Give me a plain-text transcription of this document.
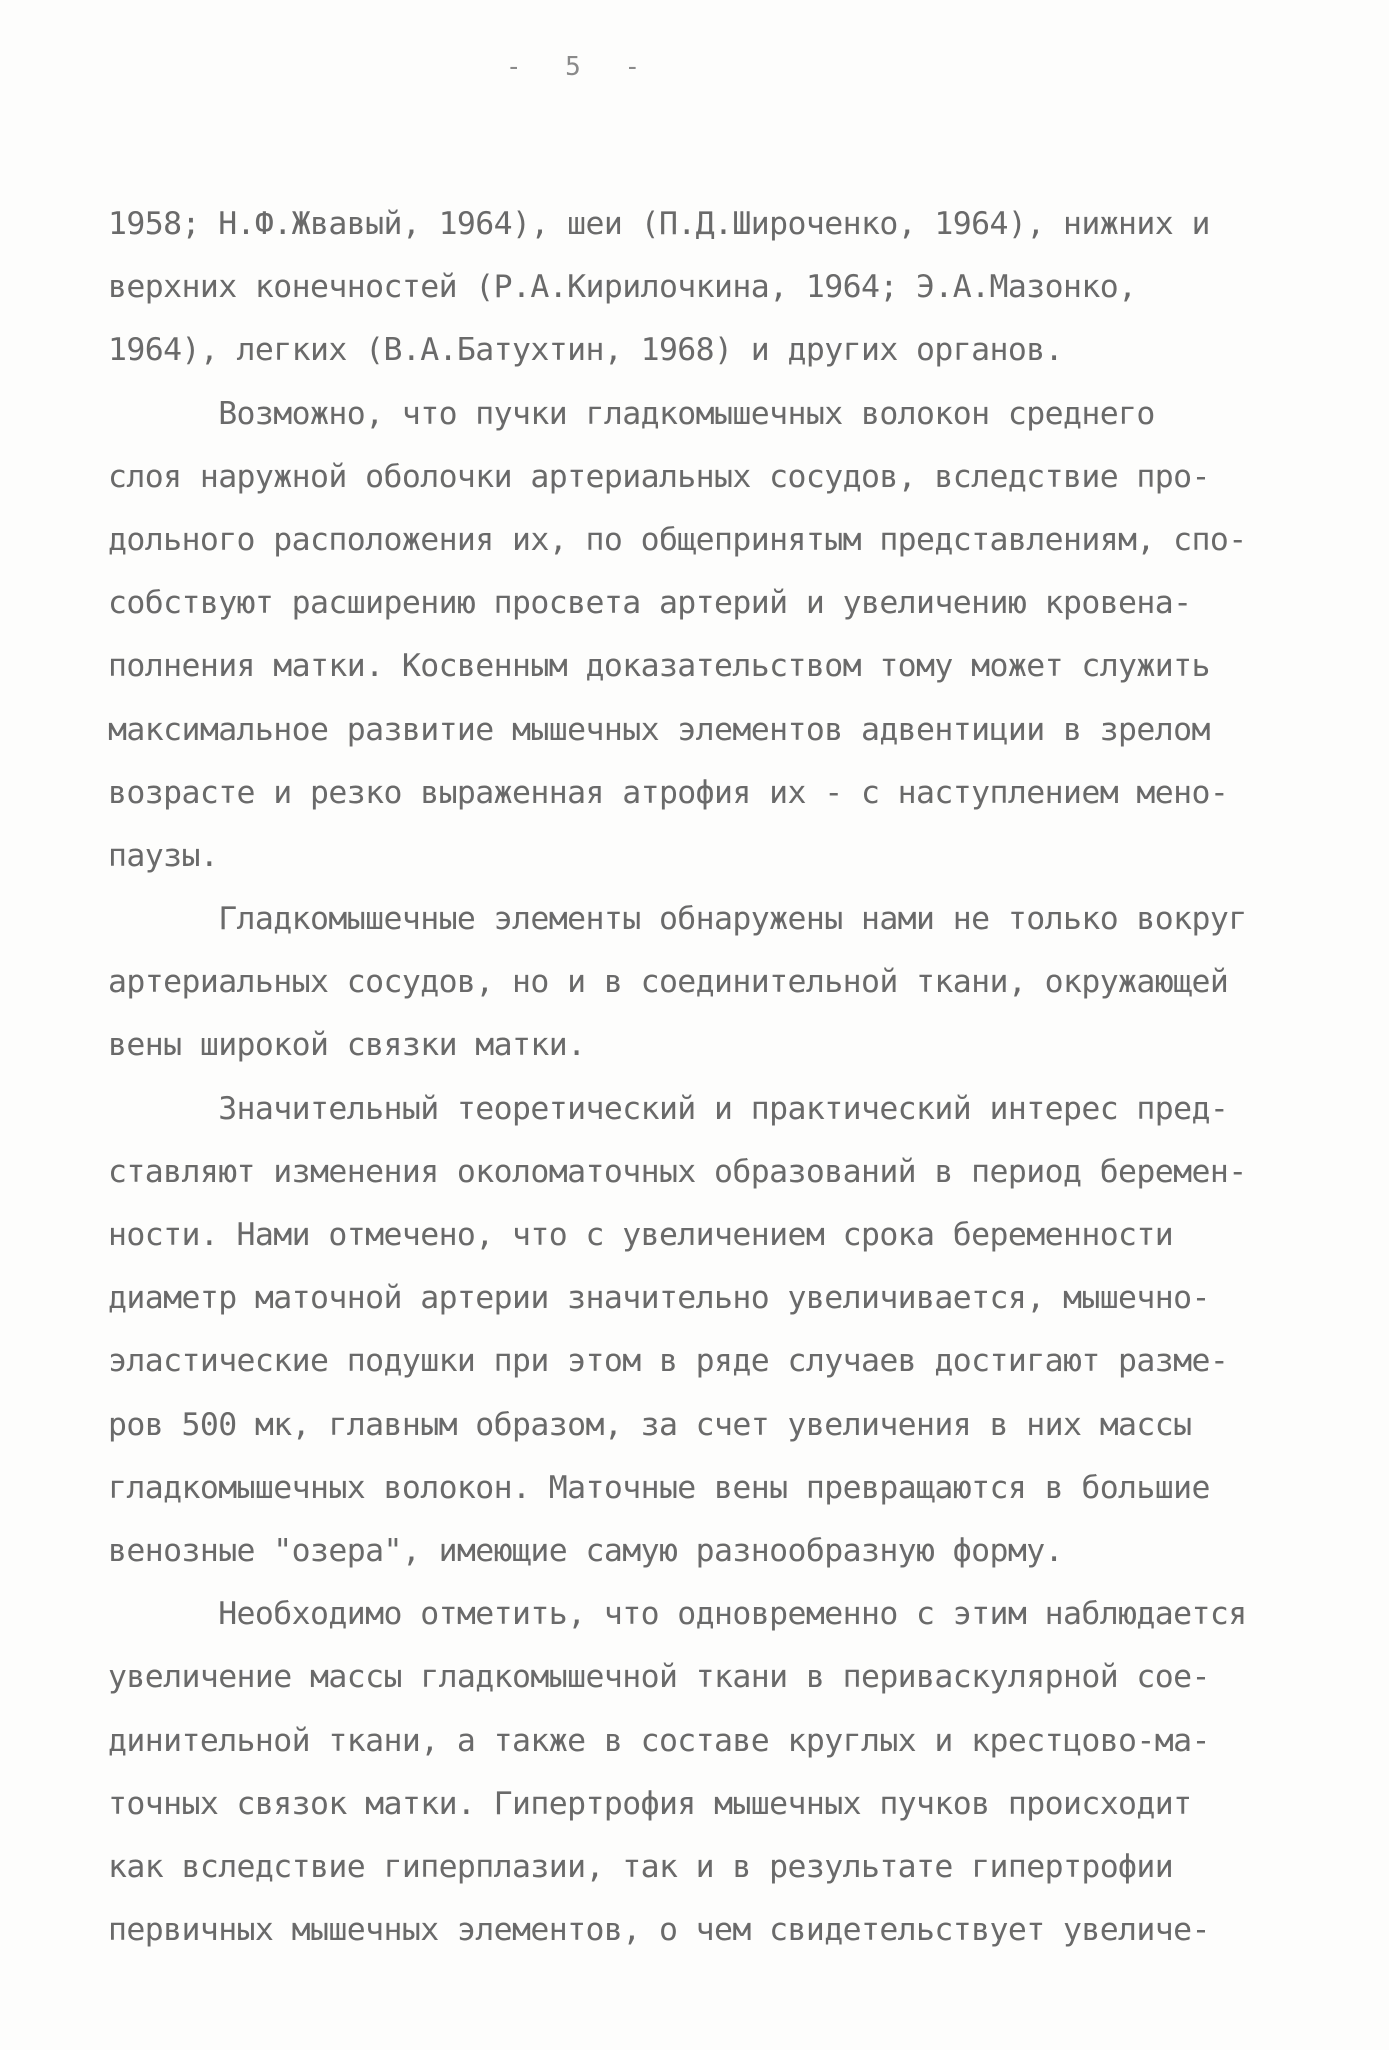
- 5 -
1958; Н.Ф.Жвавый, 1964), шеи (П.Д.Широченко, 1964), нижних и
верхних конечностей (Р.А.Кирилочкина, 1964; Э.А.Мазонко,
1964), легких (В.А.Батухтин, 1968) и других органов.
Возможно, что пучки гладкомышечных волокон среднего
слоя наружной оболочки артериальных сосудов, вследствие про-
дольного расположения их, по общепринятым представлениям, спо-
собствуют расширению просвета артерий и увеличению кровена-
полнения матки. Косвенным доказательством тому может служить
максимальное развитие мышечных элементов адвентиции в зрелом
возрасте и резко выраженная атрофия их - с наступлением мено-
паузы.
Гладкомышечные элементы обнаружены нами не только вокруг
артериальных сосудов, но и в соединительной ткани, окружающей
вены широкой связки матки.
Значительный теоретический и практический интерес пред-
ставляют изменения околоматочных образований в период беремен-
ности. Нами отмечено, что с увеличением срока беременности
диаметр маточной артерии значительно увеличивается, мышечно-
эластические подушки при этом в ряде случаев достигают разме-
ров 500 мк, главным образом, за счет увеличения в них массы
гладкомышечных волокон. Маточные вены превращаются в большие
венозные "озера", имеющие самую разнообразную форму.
Необходимо отметить, что одновременно с этим наблюдается
увеличение массы гладкомышечной ткани в периваскулярной сое-
динительной ткани, а также в составе круглых и крестцово-ма-
точных связок матки. Гипертрофия мышечных пучков происходит
как вследствие гиперплазии, так и в результате гипертрофии
первичных мышечных элементов, о чем свидетельствует увеличе-
